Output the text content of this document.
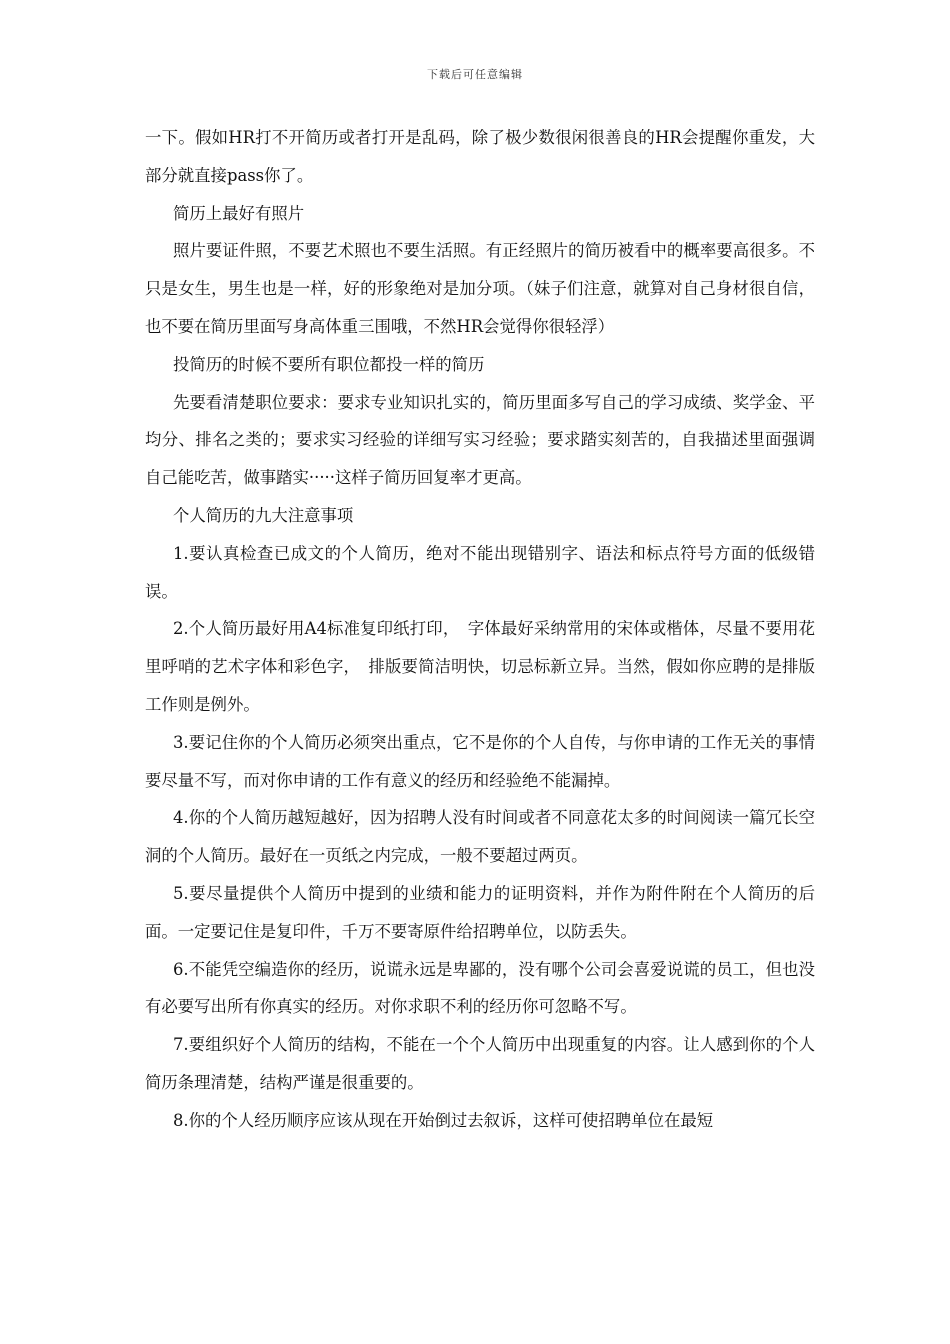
下载后可任意编辑

一下。假如HR打不开简历或者打开是乱码，除了极少数很闲很善良的HR会提醒你重发，大部分就直接pass你了。

简历上最好有照片

照片要证件照，不要艺术照也不要生活照。有正经照片的简历被看中的概率要高很多。不只是女生，男生也是一样，好的形象绝对是加分项。（妹子们注意，就算对自己身材很自信，也不要在简历里面写身高体重三围哦，不然HR会觉得你很轻浮）

投简历的时候不要所有职位都投一样的简历

先要看清楚职位要求：要求专业知识扎实的，简历里面多写自己的学习成绩、奖学金、平均分、排名之类的；要求实习经验的详细写实习经验；要求踏实刻苦的，自我描述里面强调自己能吃苦，做事踏实·····这样子简历回复率才更高。

个人简历的九大注意事项

1.要认真检查已成文的个人简历，绝对不能出现错别字、语法和标点符号方面的低级错误。

2.个人简历最好用A4标准复印纸打印，　字体最好采纳常用的宋体或楷体，尽量不要用花里呼哨的艺术字体和彩色字，　排版要简洁明快，切忌标新立异。当然，假如你应聘的是排版工作则是例外。

3.要记住你的个人简历必须突出重点，它不是你的个人自传，与你申请的工作无关的事情要尽量不写，而对你申请的工作有意义的经历和经验绝不能漏掉。

4.你的个人简历越短越好，因为招聘人没有时间或者不同意花太多的时间阅读一篇冗长空洞的个人简历。最好在一页纸之内完成，一般不要超过两页。

5.要尽量提供个人简历中提到的业绩和能力的证明资料，并作为附件附在个人简历的后面。一定要记住是复印件，千万不要寄原件给招聘单位，以防丢失。

6.不能凭空编造你的经历，说谎永远是卑鄙的，没有哪个公司会喜爱说谎的员工，但也没有必要写出所有你真实的经历。对你求职不利的经历你可忽略不写。

7.要组织好个人简历的结构，不能在一个个人简历中出现重复的内容。让人感到你的个人简历条理清楚，结构严谨是很重要的。

8.你的个人经历顺序应该从现在开始倒过去叙诉，这样可使招聘单位在最短
